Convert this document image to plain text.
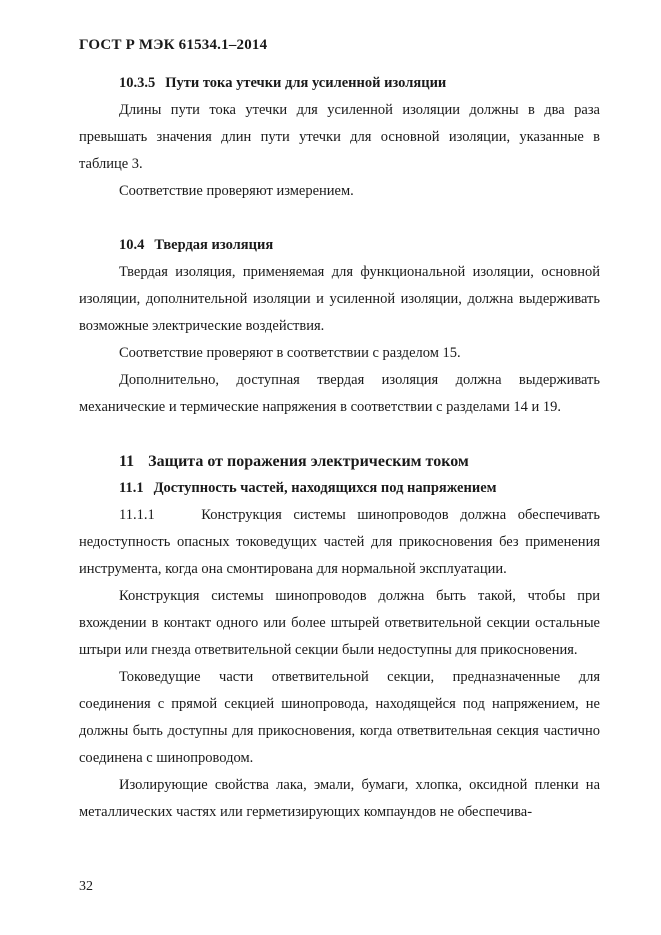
ГОСТ Р МЭК 61534.1–2014

10.3.5 Пути тока утечки для усиленной изоляции

Длины пути тока утечки для усиленной изоляции должны в два раза превышать значения длин пути утечки для основной изоляции, указанные в таблице 3.

Соответствие проверяют измерением.

10.4 Твердая изоляция

Твердая изоляция, применяемая для функциональной изоляции, основной изоляции, дополнительной изоляции и усиленной изоляции, должна выдерживать возможные электрические воздействия.

Соответствие проверяют в соответствии с разделом 15.

Дополнительно, доступная твердая изоляция должна выдерживать механические и термические напряжения в соответствии с разделами 14 и 19.

11 Защита от поражения электрическим током

11.1 Доступность частей, находящихся под напряжением

11.1.1    Конструкция системы шинопроводов должна обеспечивать недоступность опасных токоведущих частей для прикосновения без применения инструмента, когда она смонтирована для нормальной эксплуатации.

Конструкция системы шинопроводов должна быть такой, чтобы при вхождении в контакт одного или более штырей ответвительной секции остальные штыри или гнезда ответвительной секции были недоступны для прикосновения.

Токоведущие части ответвительной секции, предназначенные для соединения с прямой секцией шинопровода, находящейся под напряжением, не должны быть доступны для прикосновения, когда ответвительная секция частично соединена с шинопроводом.

Изолирующие свойства лака, эмали, бумаги, хлопка, оксидной пленки на металлических частях или герметизирующих компаундов не обеспечива-

32
